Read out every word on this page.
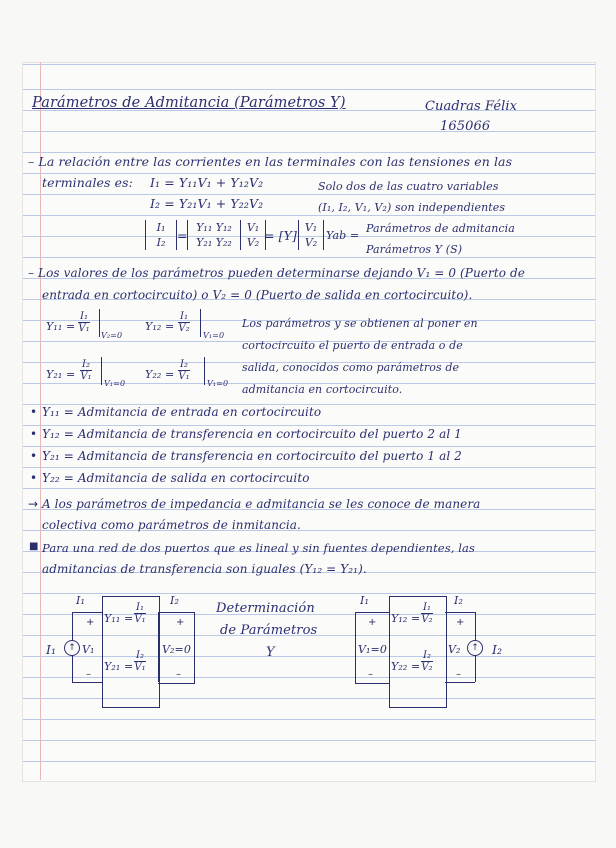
Parámetros de Admitancia (Parámetros Y)	Cuadras Félix
165066
– La relación entre las corrientes en las terminales con las tensiones en las
terminales es: I₁ = Y₁₁V₁ + Y₁₂V₂
I₂ = Y₂₁V₁ + Y₂₂V₂
Solo dos de las cuatro variables
(I₁, I₂, V₁, V₂) son independientes
I₁
I₂ =
Y₁₁ Y₁₂
Y₂₁ Y₂₂
V₁
V₂ = [Y]
V₁
V₂
Yab =
Parámetros de admitancia
Parámetros Y (S)
– Los valores de los parámetros pueden determinarse dejando V₁ = 0 (Puerto de
entrada en cortocircuito) o V₂ = 0 (Puerto de salida en cortocircuito).
$Y_{11} = \frac{\text{I₁}}{\text{V₁}}$
V₂=0
$Y_{12} = \frac{\text{I₁}}{\text{V₂}}$
V₁=0
$Y_{21} = \frac{\text{I₂}}{\text{V₁}}$
V₁=0
$Y_{22} = \frac{\text{I₂}}{\text{V₁}}$
V₁=0
Los parámetros y se obtienen al poner en
cortocircuito el puerto de entrada o de
salida, conocidos como parámetros de
admitancia en cortocircuito.
• Y₁₁ = Admitancia de entrada en cortocircuito
• Y₁₂ = Admitancia de transferencia en cortocircuito del puerto 2 al 1
• Y₂₁ = Admitancia de transferencia en cortocircuito del puerto 1 al 2
• Y₂₂ = Admitancia de salida en cortocircuito
→ A los parámetros de impedancia e admitancia se les conoce de manera
colectiva como parámetros de inmitancia.
■ Para una red de dos puertos que es lineal y sin fuentes dependientes, las
admitancias de transferencia son iguales (Y₁₂ = Y₂₁).
↑
I₁ V₁
I₁
+
–
$Y_{11} = \frac{\text{I₁}}{\text{V₁}}$
$Y_{21} = \frac{\text{I₂}}{\text{V₁}}$
I₂
+
V₂=0
–
Determinación
de Parámetros
Y
I₁
+
V₁=0
–
$Y_{12} = \frac{\text{I₁}}{\text{V₂}}$
$Y_{22} = \frac{\text{I₂}}{\text{V₂}}$
↑
I₂
+
V₂
–
I₂
